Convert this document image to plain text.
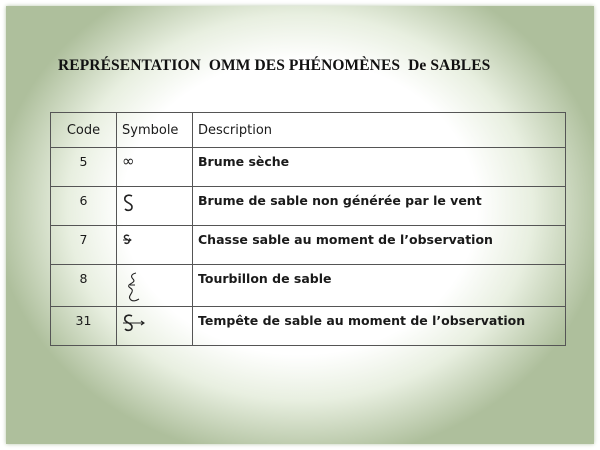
REPRÉSENTATION  OMM DES PHÉNOMÈNES  De SABLES
Code	Symbole	Description
5	∞	Brume sèche
6		Brume de sable non générée par le vent
7		Chasse sable au moment de l’observation
8		Tourbillon de sable
31		Tempête de sable au moment de l’observation
